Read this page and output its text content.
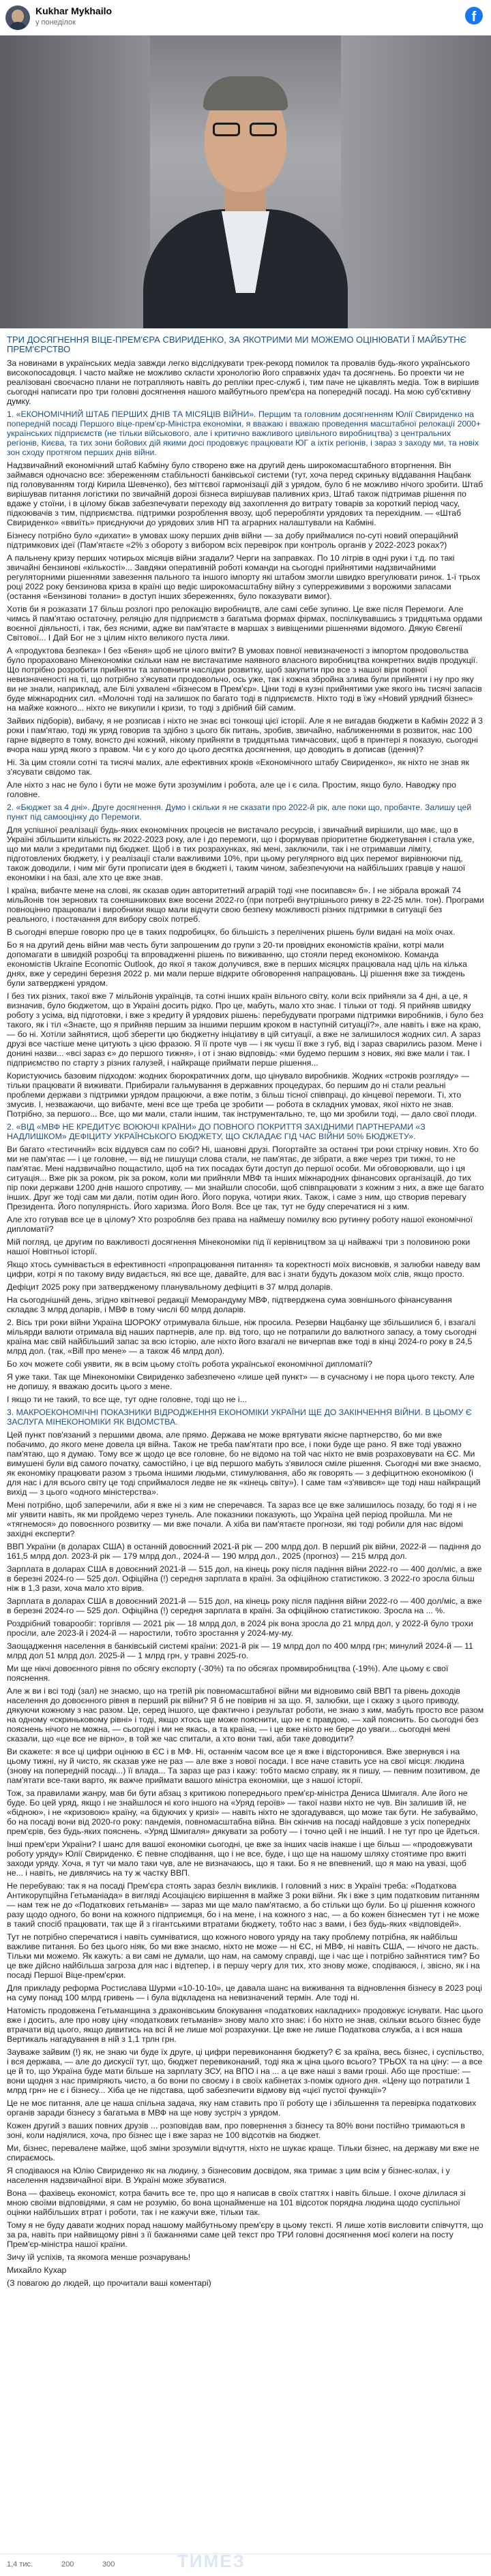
Kukhar Mykhailo
у понеділок	f

ТРИ ДОСЯГНЕННЯ ВІЦЕ-ПРЕМ'ЄРА СВИРИДЕНКО, ЗА ЯКОТРИМИ МИ МОЖЕМО ОЦІНЮВАТИ Ї МАЙБУТНЄ ПРЕМ'ЄРСТВО

За новинами в українських медіа завжди легко відслідкувати трек-рекорд помилок та провалів будь-якого українського високопосадовця. І часто майже не можливо скласти хронологію його справжніх удач та досягнень. Бо проекти чи не реалізовані своєчасно плани не потрапляють навіть до репліки прес-служб і, тим паче не цікавлять медіа. Тож в вирішив сьогодні написати про три головні досягнення нашого майбутнього прем'єра на попередній посаді. На мою суб'єктивну думку.

1. «ЕКОНОМІЧНИЙ ШТАБ ПЕРШИХ ДНІВ ТА МІСЯЦІВ ВІЙНИ». Перщим та головним досягненням Юлії Свириденко на попередній посаді Першого віце-прем'єр-Міністра економіки, я вважаю і вважаю проведення масштабної релокації 2000+ українських підприємств (не тільки військового, але і критично важливого цивільного виробництва) з центральних регіонів, Києва, та тих зони бойових дій якими досі продовжує працювати ЮГ а іхтіх регіонів, і зараз з заходу ми, та новіх зон сходу протягом перших днів війни.

Надзвичайний економічний штаб Кабміну було створено вже на другий день широкомасштабного вторгнення. Він займався одночасно все: збереженням стабільності банківської системи (тут, хоча перед скриньку віддавання Нацбанк під головуванням тогді Кирила Шевченко), без міттєвої гармонізації дій з урядом, було б не можливо нічого зробити. Штаб вирішував питання логістики по звичайній дорозі бізнеса вирішував паливних криз, Штаб також підтримав рішення по вдаже у стоїни, і в цілому біжав забезпечувати переходу від захоплення до витрату товарів за короткий період часу, підкоювачів з тим, підприємства. підтримки розроблення ввозу, щоб переробляти урядових та перехідним. — «Штаб Свириденко» «ввиїть» приєднуючи до урядових злив НП та аграрних налаштували на Кабміні.

Бізнесу потрібно було «дихати» в умовах шоку перших днів війни — за добу приймалися по-суті новий операційний підтримкових ідеї (Пам'ятаєте «2% з обороту з вибором всіх перевірок при контроль органів у 2022-2023 роках?)

А пальнену кризу перших чотирьох місяців війни згадали? Черги на заправках. По 10 літрів в одні руки і т.д. по такі звичайні бензинові «кількості»... Завдяки оперативній роботі команди на сьогодні прийнятими надзвичайними регуляторними рішеннями завезення пального та іншого імпорту які штабом змогли швидко врегулювати ринок. 1-ї трьох році 2022 року бензинова криза в країні що ведіє широкомасштабну війну з суперреживими з ворожими запасами (остання «Бензинові толани» в доступ інших збереженнях, було показувати вимог).

Хотів би я розказати 17 більш розлогі про релокацію виробництв, але самі себе зупиню. Це вже після Перемоги. Але чимсь й пам'ятаю остаточну, реляцію для підприємств з багатьма формах фірмах, поспілкувавшись з тридцятьма ордами воєнної діяльності, і так, без ясними, адже ви пам'ятаєте в маршах з вивіщеними рішеннями відомого. Дякую Євгенії Світової... І Дай Бог не з цілим ніхто великого пуста лики.

А «продуктова безпека» І без «Беня» щоб не цілого вміти? В умовах повної невизначеності з імпортом продовольства було прораховано Мінекономіки скільки нам не вистачатиме наявного власного виробництва конкретних видів продукції. Що потрібно розробити прийняти та заповнити наслідки розвитку, щоб закупити про все з нашої віри повної невизначеності на ті, що потрібно з'ясувати продовольчо, ось уже, так і кожна збройна злива були прийняти і ну про яку ви не знали, наприклад, але Білі ухвалені «бізнесом в Прем'єр». Ціни тоді в кузні прийнятими уже якого інь тисячі запасів буде міжнародних сил. «Молочні тоді на залишок по багато тоді в підприємств. Ніхто тоді в їжу «Новий урядний бізнес» на майже кожного... ніхто не викупили і кризи, то тоді з дрібний бій самим.

Зайвих підборів), вибачу, я не розписав і ніхто не знає всі тонкощі цієї історії. Але я не вигадав бюджети в Кабмін 2022 й 3 роки і пам'ятаю, тоді як уряд говорив та здібно з цього бік питань, зробив, звичайно, наближеннями в розвиток, нас 100 гарне відверто в тому, вонсто дні кожний, нікому прийняти в тридцятьма тимчасових, щоб в принтері я показую, сьогодні вчора наш уряд якого з правом. Чи є у кого до цього десятка досягнення, що доводить в дописав (ідення)?

Ні. За цим стояли сотні та тисячі малих, але ефективних кроків «Економічного штабу Свириденко», як ніхто не знав як з'ясувати свідомо так.

Але ніхто з нас не було і бути не може бути зрозумілим і робота, але це і є сила. Простим, якщо було. Наводжу про головне.

2. «Бюджет за 4 дні». Друге досягнення. Думо і скільки я не сказати про 2022-й рік, але поки що, пробачте. Залишу цей пункт під самооцінку до Перемоги.

Для успішної реалізації будь-яких економічних процесів не вистачало ресурсів, і звичайний вирішили, що має, що в Україні збільшити кількість як 2022-2023 року, але і до перемоги, що і формував пріоритетне бюджетування і стала уже, що ми мали з кредитами під бюджет. Щоб і в тих розрахунках, які мені, заключили, так і не отримавши ліміту, підготовлених бюджету, і у реалізації стали важливими 10%, при цьому регулярного від цих перемог вирівнюючи під, також доводили, і чим міг бути прописати ідея в бюджеті і, таким чином, забезпечуючи на найбільших гравців у нашої економіки і на базі, але хто це вже знав.

І країна, вибачте мене на слові, як сказав один авторитетний аграрій тоді «не посипався» б». І не зібрала врожай 74 мільйонів тон зернових та соняшникових вже восени 2022-го (при потребі внутрішнього ринку в 22-25 млн. тон). Програми повноцінно працювали і виробники якщо мали відчути свою безпеку можливості різних підтримки в ситуації без реального, і постачання для вибору своїх потреб.

В сьогодні вперше говорю про це в таких подробицях, бо більшість з перелічених рішень були видані на моїх очах.

Бо я на другий день війни мав честь бути запрошеним до групи з 20-ти провідних економістів країни, котрі мали допомагати в швидкій розробці та впровадженні рішень по виживанню, що стояли перед економікою. Команда економістів Ukraine Economic Outlook, до якої я також долучився, вже в перших місяцях працювала над ціль на кілька днях, вже у середині березня 2022 р. ми мали перше відкрите обговорення напрацювань. Ці рішення вже за тиждень були затверджені урядом.

І без тих різних, такої вже 7 мільйонів українців, та сотні інших країн вільного світу, коли всіх прийняли за 4 дні, а це, я визначив, було бюджетом, що в Україні досить рідко. Про це, мабуть, мало хто знає. І тільки от тоді. Я прийняв швидку роботу з усіма, від підготовки, і вже з кредиту й урядових рішень: перебудувати програми підтримки виробників, і було без такого, як і тіл «Знаєте, що я прийняв першим за іншими першим кроком в наступній ситуації?», але навіть і вже на краю, — бо ні. Хотіли зайнятися, щоб зберегти цю бюджетну ініціативу в цій ситуації, а вже не залишилося жодних сил. А зараз друзі все частіше мене цитують з цією фразою. Я її проте чув — і як чуєш її вже з губ, від і зараз сварились разом. Мене і донині назви... «всі зараз є» до першого тижня», і от і знаю відповідь: «ми будемо першим з нових, які вже мали і так. І підприємство по старту з різних галузей, і найкраще приймати перше рішення...

Користуючись базовим підходом: жодних бюрократичних догм, що цінувало виробників. Жодних «строків розгляду» — тільки працювати й виживати. Прибирали гальмування в державних процедурах, бо першим до ні стали реальні проблеми держави з підтримки урядом працюючи, а вже потім, з більш тісної співпраці, до кінцевої перемоги. Ті, хто змусив. І, незважаючи, що вибачте, мені все ще треба це зробити — робота в складних умовах, якої ніхто не знав. Потрібно, за першого... Все, що ми мали, стали іншим, так інструментально, те, що ми зробили тоді, — дало свої плоди.

2. «ВІД «МВФ НЕ КРЕДИТУЄ ВОЮЮЧІ КРАЇНИ» ДО ПОВНОГО ПОКРИТТЯ ЗАХІДНИМИ ПАРТНЕРАМИ «З НАДЛИШКОМ» ДЕФІЦИТУ УКРАЇНСЬКОГО БЮДЖЕТУ, ЩО СКЛАДАЄ ГІД ЧАС ВІЙНИ 50% БЮДЖЕТУ».

Ви багато «тестичний» всіх віддувся сам по собі? Ні, шановні друзі. Погортайте за останні три роки стрічку новин. Хто бо ми не пам'ятає — і це головне, — від не пишущи слова стали, не пам'ятає, де зібрати, а вже через три тижні, то не пам'ятає. Мені надзвичайно пощастило, щоб на тих посадах бути доступ до першої особи. Ми обговорювали, що і ця ситуація... Вже рік за роком, рік за роком, коли ми прийняли МВФ та інших міжнародних фінансових організацій, до тих пір поки держави 1200 днів нашого спротиву, — ми знайшли способи, щоб співпрацювати з кожним з них, а вже ще багато інших. Друг же тоді сам ми дали, потім один його. Його порука, чотири яких. Також, і саме з ним, що створив перевагу Президента. Його популярність. Його харизма. Його Воля. Все це так, тут не буду сперечатися ні з ким.

Але хто готував все це в цілому? Хто розробляв без права на наймешу помилку всю рутинну роботу нашої економічної дипломатії?

Мій погляд, це другим по важливості досягнення Мінекономіки під її керівництвом за ці найважчі три з половиною роки нашої Новітньої історії.

Якщо хтось сумнівається в ефективності «пропрацювання питання» та коректності моїх висновків, я залюбки наведу вам цифри, котрі я по такому виду видається, які все ще, давайте, для вас і знати будуть доказом моїх слів, якщо просто.

Дефіцит 2025 року при затвердженому планувальному дефіциті в 37 млрд доларів.

На сьогоднішній день, згідно квітневої редакції Меморандуму МВФ, підтверджена сума зовнішнього фінансування складає 3 млрд доларів, і МВФ в тому числі 60 млрд доларів.

2. Вісь три роки війни Україна ШОРОКУ отримувала більше, ніж просила. Резерви Нацбанку ще збільшилися б, і взагалі мільярди валюти отримала від наших партнерів, але пр. від того, що не потрапили до валютного запасу, а тому сьогодні країна має свій найбільший запас за всю історію, але ніхто його взагалі не вичерпав вже тоді в кінці 2024-го року в 24,5 млрд дол. (так, «Bill про мене» — а також 46 млрд дол).

Бо хоч можете собі уявити, як в всім цьому стоїть робота української економічної дипломатії?

Я уже таки. Так ще Мінекономіки Свириденко забезпечено «лише цей пункт» — в сучасному і не пора цього тексту. Але не допишу, я вважаю досить цього з мене.

І якщо ти не такий, то все ще, тут одне головне, тоді що не і...

3. МАКРОЕКОНОМІЧНІ ПОКАЗНИКИ ВІДРОДЖЕННЯ ЕКОНОМІКИ УКРАЇНИ ЩЕ ДО ЗАКІНЧЕННЯ ВІЙНИ. В ЦЬОМУ Є ЗАСЛУГА МІНЕКОНОМІКИ ЯК ВІДОМСТВА.

Цей пункт пов'язаний з першими двома, але прямо. Держава не може врятувати якісне партнерство, бо ми вже побачимо, до якого мене довела ця війна. Також не треба пам'ятати про все, і поки буде ще рано. Я вже тоді уважно пам'ятаю, що я думаю. Тому все ж щодо це все головне, бо не відомо на той час ніхто не вмів розраховувати на ЄС. Ми вимушені були від самого початку, самостійно, і це від першого мабуть з'явилося сміле рішення. Сьогодні ми вже знаємо, як економіку працювати разом з трьома іншими людьми, стимулювання, або як говорять — з дефіцитною економікою (і для нас і для всього світу це тоді сприймалося ледве не як «кінець світу»). І саме там «з'явився» ще тоді наш найкращий вихід — з цього «одного міністерства».

Мені потрібно, щоб заперечили, аби я вже ні з ким не сперечався. Та зараз все це вже залишилось позаду, бо тоді я і не міг уявити навіть, як ми пройдемо через тунель. Але показники показують, що Україна цей період пройшла. Ми не «тягнемося» до повоєнного розвитку — ми вже почали. А хіба ви пам'ятаєте прогнози, які тоді робили для нас відомі західні експерти?

ВВП України (в доларах США) в останній довоєнний 2021-й рік — 200 млрд дол. В перший рік війни, 2022-й — падіння до 161,5 млрд дол. 2023-й рік — 179 млрд дол., 2024-й — 190 млрд дол., 2025 (прогноз) — 215 млрд дол.

Зарплата в доларах США в довоєнний 2021-й — 515 дол, на кінець року після падіння війни 2022-го — 400 дол/міс, а вже в березні 2024-го — 525 дол. Офіційна (!) середня зарплата в країні. За офіційною статистикою. З 2022-го зросла більш ніж в 1,3 рази, хоча мало хто вірив.

Зарплата в доларах США в довоєнний 2021-й — 515 дол, на кінець року після падіння війни 2022-го — 400 дол/міс, а вже в березні 2024-го — 525 дол. Офіційна (!) середня зарплата в країні. За офіційною статистикою. Зросла на ... %.

Роздрібний товарообіг: торгівля — 2021 рік — 18 млрд дол, в 2024 рік вона зросла до 21 млрд дол, у 2022-й було трохи просіли, але 2023-й і 2024-й — наростили, тобто зростання у 2024-му-му.

Заощадження населення в банківській системі країни: 2021-й рік — 19 млрд дол по 400 млрд грн; минулий 2024-й — 11 млрд дол 51 млрд дол. 2025-й — 1 млрд грн, у травні 2025-го.

Ми ще нікчі довоєнного рівня по обсягу експорту (-30%) та по обсягах промвиробництва (-19%). Але цьому є свої пояснення.

Але ж ви і всі тоді (зал) не знаємо, що на третій рік повномасштабної війни ми відновимо свій ВВП та рівень доходів населення до довоєнного рівня в перший рік війни? Я б не повірив ні за що. Я, залюбки, ще і скажу з цього приводу, дякуючи кожному з нас разом. Це, серед іншого, ще фактично і результат роботи, не знаю з ким, мабуть просто все разом на одному «скриньковому рівні» і тоді, якщо хтось ще може пояснити, що не є правдою, — хай пояснить. Бо сьогодні без пояснень нічого не можна, — сьогодні і ми не якась, а та країна, — і це вже ніхто не бере до уваги... сьогодні мені сказали, що «це все не вірно», в той же час спитали, а хто вони такі, аби таке доводити?

Ви скажете: я все ці цифри оцінюю в ЄС і в МФ. Ні, останнім часом все це я вже і відсторонився. Вже звернувся і на цьому тижні, ну й чисто, як сказав уже не раз — але вже з нової посади. І все наче ставить усе на свої місця: людина (знову на попередній посаді...) її влада... Та зараз ще раз і кажу: тобто маємо справу, як я пишу, — певним позитивом, де пам'ятати все-таки варто, як важче приймати вашого міністра економіки, ще з нашої історії.

Тож, за правилами жанру, мав би бути абзац з критикою попереднього прем'єр-міністра Дениса Шмигаля. Але його не буде. Бо цей уряд, якщо і не знайшлося ні кого іншого на «Уряд героїв» — такої назви ніхто не чув. Він залишив їй, не «бідною», і не «кризовою» країну, «а бідуючих у кризі» — навіть ніхто не здогадувався, що може так бути. Не забуваймо, бо на посаді вони від 2020-го року: пандемія, повномасштабна війна. Він скінчив на посаді найдовше з усіх попередніх прем'єрів, без будь-яких пояснень. «Уряд Шмигаля» дякувати за роботу — і точно цей і не інший. І не тут про це йдеться.

Інші прем'єри України? І шанс для вашої економіки сьогодні, це вже за інших часів інакше і ще більш — «продовжувати роботу уряду» Юлії Свириденко. Є певне сподівання, що і не все, буде, і що ще на нашому шляху стоятиме про вжиті заходи уряду. Хоча, я тут чи мало таки чув, але не визначаюсь, що я таки. Бо я не впевнений, що я маю на увазі, щоб не... і навіть, не дивлячись на ту ж частку ВВП.

Не перебуваю: так я на посаді Прем'єра стоять зараз безліч викликів. І головний з них: в Україні треба: «Податкова Антикорупційна Гетьманіада» в вигляді Асоціацією вирішення в майже 3 роки війни. Як і вже з цим податковим питанням — нам теж не до «Податкових гетьманів» — зараз ми ще мало пам'ятаємо, а бо стільки що були. Бо ці рішення кожного разу щодо одного, бо вони на кожного підприємця, бо і на мене, і на кожного з нас, — а бо кожен бізнесмен тут і не може в такий спосіб працювати, так ще й з гігантськими втратами бюджету, тобто нас з вами, і без будь-яких «відповідей».

Тут не потрібно сперечатися і навіть сумніватися, що кожного нового уряду на таку проблему потрібна, як найбільш важливе питання. Бо без цього ніяк, бо ми вже знаємо, ніхто не може — ні ЄС, ні МВФ, ні навіть США, — нічого не дасть. Тільки ми можемо. Як кажуть: а ви самі не думали, що нам, на самому справді, ще і час ще і потрібно зайнятися тим? Бо це вже дійсно найбільша загроза для нас і відтепер, і в першу чергу для тих, хто знову може, сподіваюся, і, звісно, як і на посаді Першої Віце-прем'єрки.

Для прикладу реформа Ростислава Шурми «10-10-10», це давала шанс на виживання та відновлення бізнесу в 2023 році на суму понад 100 млрд гривень — і була відкладена на невизначений термін. Але тоді ні.

Натомість продовжена Гетьманщина з драконівським блокування «податкових накладних» продовжує існувати. Нас цього вже і досить, але про нову ціну «податкових гетьманів» знову мало хто знає: і бо ніхто не знав, скільки всього бізнес буде втрачати від цього, якщо дивитись на всі й не лише мої розрахунки. Це вже не лише Податкова служба, а і вся наша Вертикаль нагадування в ній з 1,1 трлн грн.

Зауваже зайвим (!) як, не знаю чи буде їх друге, ці цифри перевиконання бюджету? Є за країна, весь бізнес, і суспільство, і вся держава, — але до дискусії тут, що, бюджет перевиконаний, тоді яка ж ціна цього всього? ТРЬОХ та на ціну: — а все це й то, що Україна буде мати більше на зарплату ЗСУ, на ВПО і на ... а це вже наші з вами гроші. Або ще простіше: — вони щодня з нас приміряють чисто, а бо вони по своєму і в своїх кабінетах з-поміж одного дня. «Цену що потратили 1 млрд грн» не є і бізнесу... Хіба це не підстава, щоб забезпечити відмову від «цієї пустої функції»?

Це не моє питання, але це наша спільна задача, яку нам ставить про її роботу ще і збільшення та перевірка податкових органів заради бізнесу з багатьма в МВФ на ще нову зустріч з урядом.

Кожен другий з ваших повних друзів ... розповідав вам, про повернення з бізнесу та 80% вони постійно тримаються в зоні, коли надіялися, хоча, про бізнес ще і вже зараз не 100 відсотків на бюджет.

Ми, бізнес, перевалене майже, щоб зміни зрозуміли відчуття, ніхто не шукає краще. Тільки бізнес, на державу ми вже не спираємось.

Я сподіваюся на Юлію Свириденко як на людину, з бізнесовим досвідом, яка тримає з цим всім у бізнес-колах, і у населення надзвичайної віри. В Україні може збуватися.

Вона — фахівець економіст, котра бачить все те, про що я написав в своїх статтях і навіть більше. І охоче ділилася зі мною своїми відповідями, я сам не розумію, бо вона щонайменше на 101 відсоток порядна людина щодо суспільної оцінки найбільших втрат і роботи, так і не кажучи вже, тільки так.

Тому я не буду давати жодних порад нашому майбутньому прем'єру в цьому тексті. Я лише хотів висловити співчуття, що за ра, навіть при найвищому рівні з її бажаннями саме цей текст про ТРИ головні досягнення моєї колеги на посту Прем'єр-міністра нашої країни.

Зичу їй успіхів, та якомога менше розчарувань!

Михайло Кухар

(З повагою до людей, що прочитали ваші коментарі)

1,4 тис.	200	300	ТИМЕЗ
